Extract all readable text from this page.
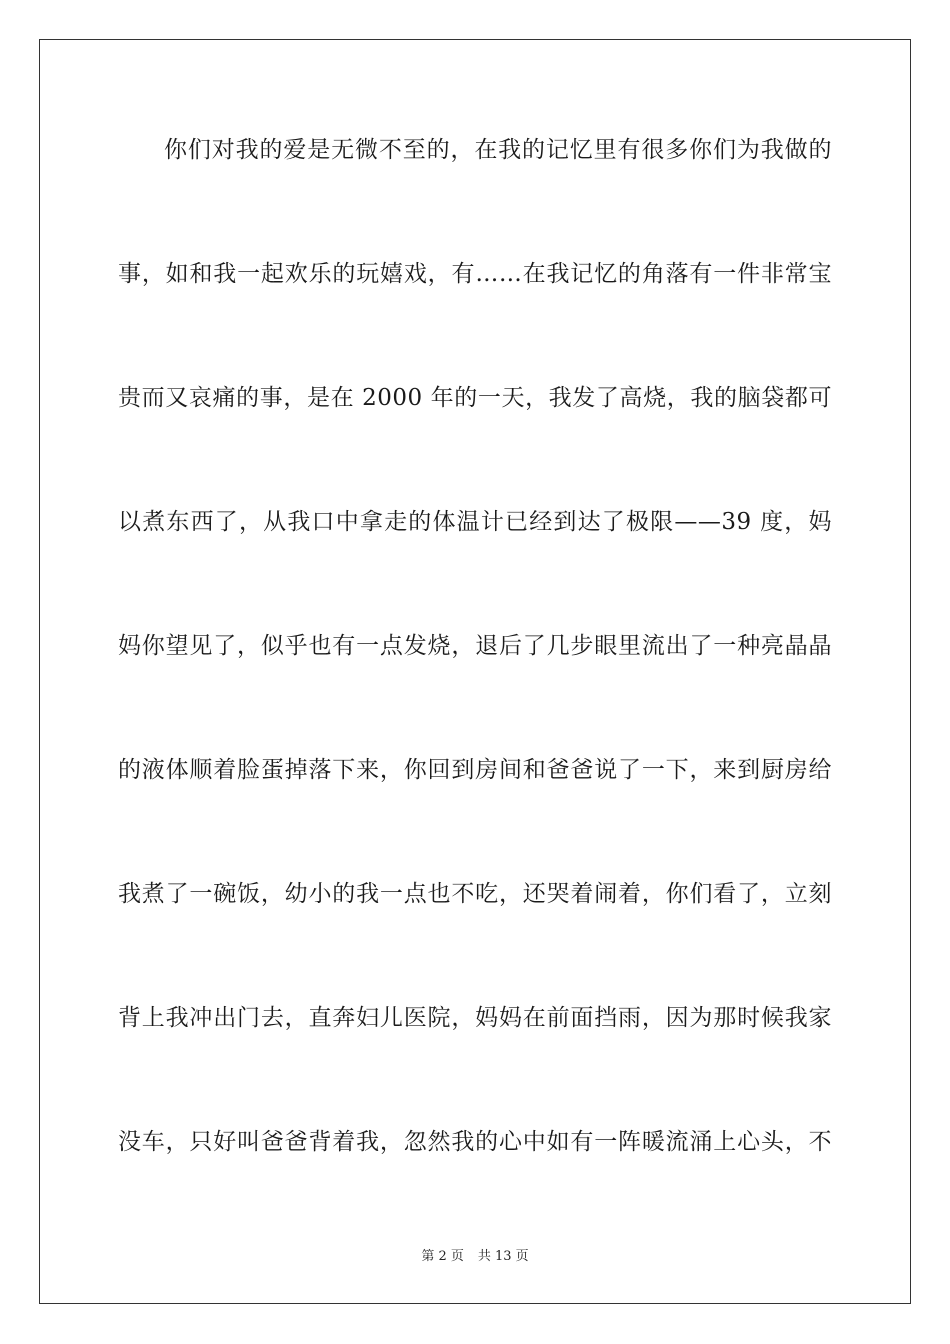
你们对我的爱是无微不至的，在我的记忆里有很多你们为我做的
事，如和我一起欢乐的玩嬉戏，有……在我记忆的角落有一件非常宝
贵而又哀痛的事，是在 2000 年的一天，我发了高烧，我的脑袋都可
以煮东西了，从我口中拿走的体温计已经到达了极限——39 度，妈
妈你望见了，似乎也有一点发烧，退后了几步眼里流出了一种亮晶晶
的液体顺着脸蛋掉落下来，你回到房间和爸爸说了一下，来到厨房给
我煮了一碗饭，幼小的我一点也不吃，还哭着闹着，你们看了，立刻
背上我冲出门去，直奔妇儿医院，妈妈在前面挡雨，因为那时候我家
没车，只好叫爸爸背着我，忽然我的心中如有一阵暖流涌上心头，不
第 2 页 共 13 页
